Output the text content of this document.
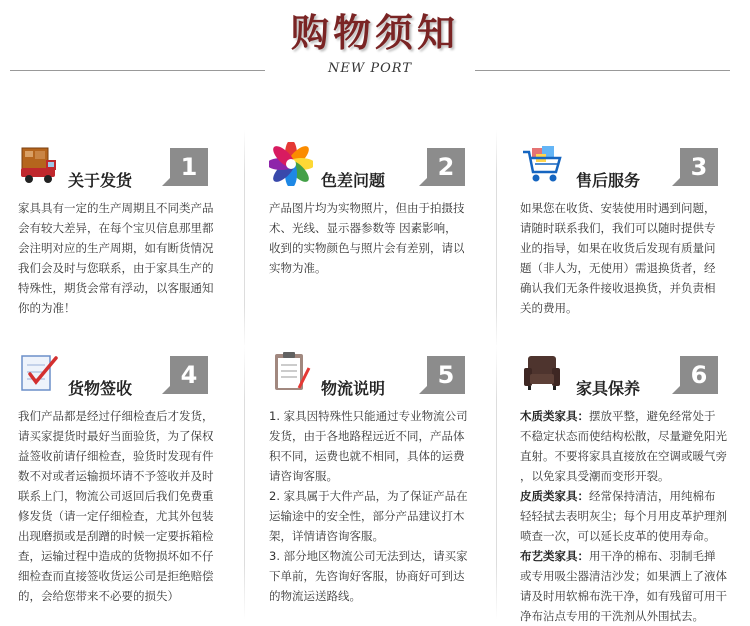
购物须知
NEW PORT
关于发货	1

家具具有一定的生产周期且不同类产品

会有较大差异，在每个宝贝信息那里都

会注明对应的生产周期，如有断货情况

我们会及时与您联系，由于家具生产的

特殊性，期货会常有浮动，以客服通知

你的为准！

色差问题	2

产品图片均为实物照片，但由于拍摄技

术、光线、显示器参数等 因素影响，

收到的实物颜色与照片会有差别，请以

实物为准。

售后服务	3

如果您在收货、安装使用时遇到问题，

请随时联系我们，我们可以随时提供专

业的指导，如果在收货后发现有质量问

题（非人为，无使用）需退换货者，经

确认我们无条件接收退换货，并负责相

关的费用。

货物签收	4

我们产品都是经过仔细检查后才发货，

请买家提货时最好当面验货，为了保权

益签收前请仔细检查，验货时发现有件

数不对或者运输损坏请不予签收并及时

联系上门，物流公司返回后我们免费重

修发货（请一定仔细检查，尤其外包装

出现磨损或是刮蹭的时候一定要拆箱检

查，运输过程中造成的货物损坏如不仔

细检查而直接签收货运公司是拒绝赔偿

的，会给您带来不必要的损失）

物流说明	5

1. 家具因特殊性只能通过专业物流公司

发货，由于各地路程远近不同，产品体

积不同，运费也就不相同，具体的运费

请咨询客服。

2. 家具属于大件产品，为了保证产品在

运输途中的安全性，部分产品建议打木

架，详情请咨询客服。

3. 部分地区物流公司无法到达，请买家

下单前，先咨询好客服，协商好可到达

的物流运送路线。

家具保养	6

木质类家具：摆放平整，避免经常处于

不稳定状态而使结构松散，尽量避免阳光

直射。不要将家具直接放在空调或暖气旁

，以免家具受潮而变形开裂。

皮质类家具：经常保持清洁，用纯棉布

轻轻拭去表明灰尘；每个月用皮革护理剂

喷查一次，可以延长皮革的使用寿命。

布艺类家具：用干净的棉布、羽制毛掸

或专用吸尘器清洁沙发；如果洒上了液体

请及时用软棉布洗干净，如有残留可用干

净布沾点专用的干洗剂从外围拭去。
